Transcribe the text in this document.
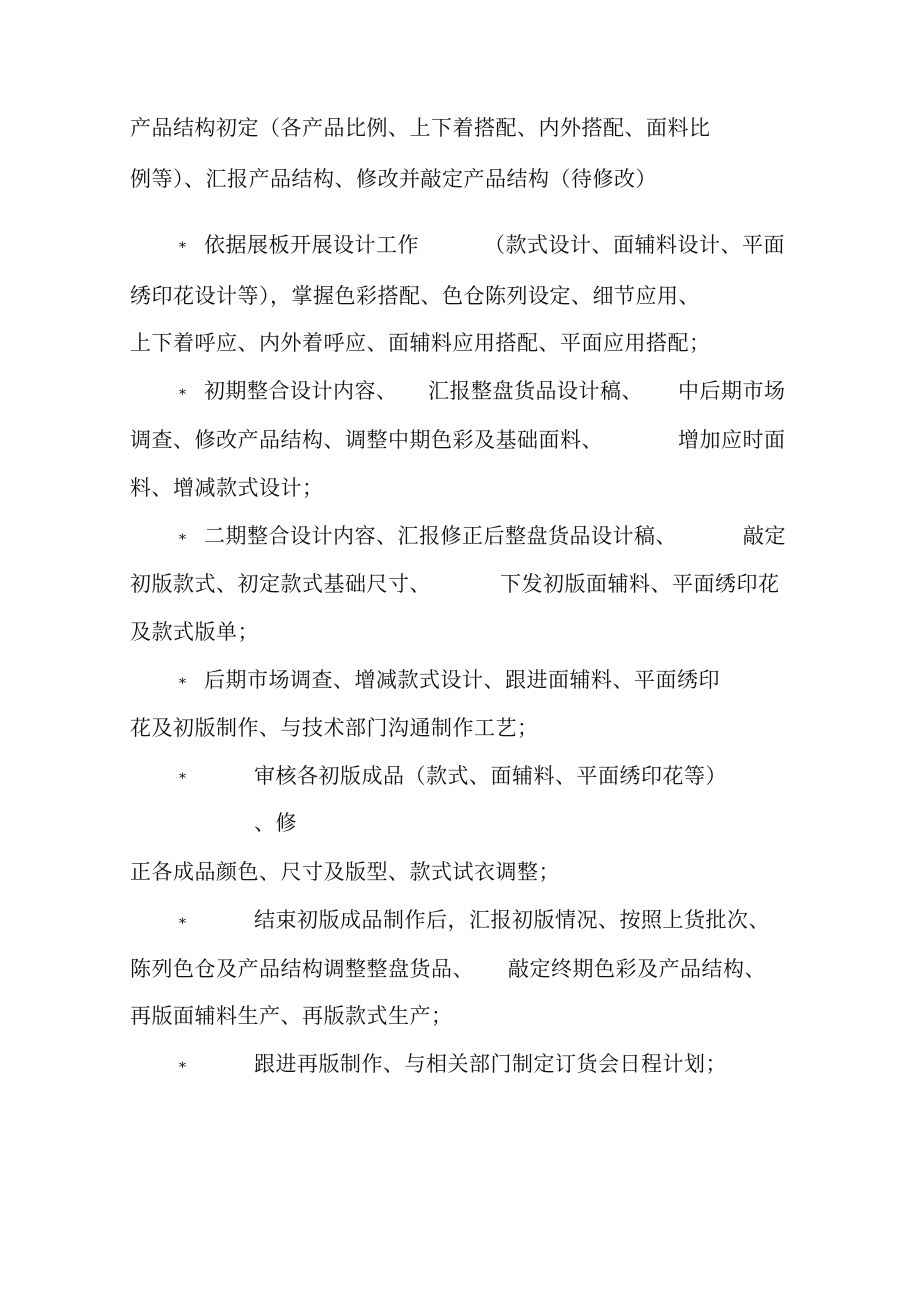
产品结构初定（各产品比例、上下着搭配、内外搭配、面料比
例等）、汇报产品结构、修改并敲定产品结构（待修改）
* 依据展板开展设计工作	（款式设计、面辅料设计、平面
绣印花设计等），掌握色彩搭配、色仓陈列设定、细节应用、
上下着呼应、内外着呼应、面辅料应用搭配、平面应用搭配；
* 初期整合设计内容、 汇报整盘货品设计稿、 中后期市场
调查、修改产品结构、调整中期色彩及基础面料、	增加应时面
料、增减款式设计；
* 二期整合设计内容、汇报修正后整盘货品设计稿、	敲定
初版款式、初定款式基础尺寸、	下发初版面辅料、平面绣印花
及款式版单；
* 后期市场调查、增减款式设计、跟进面辅料、平面绣印
花及初版制作、与技术部门沟通制作工艺；
*	审核各初版成品（款式、面辅料、平面绣印花等）
、修
正各成品颜色、尺寸及版型、款式试衣调整；
*	结束初版成品制作后，汇报初版情况、按照上货批次、
陈列色仓及产品结构调整整盘货品、 敲定终期色彩及产品结构、
再版面辅料生产、再版款式生产；
*	跟进再版制作、与相关部门制定订货会日程计划；
